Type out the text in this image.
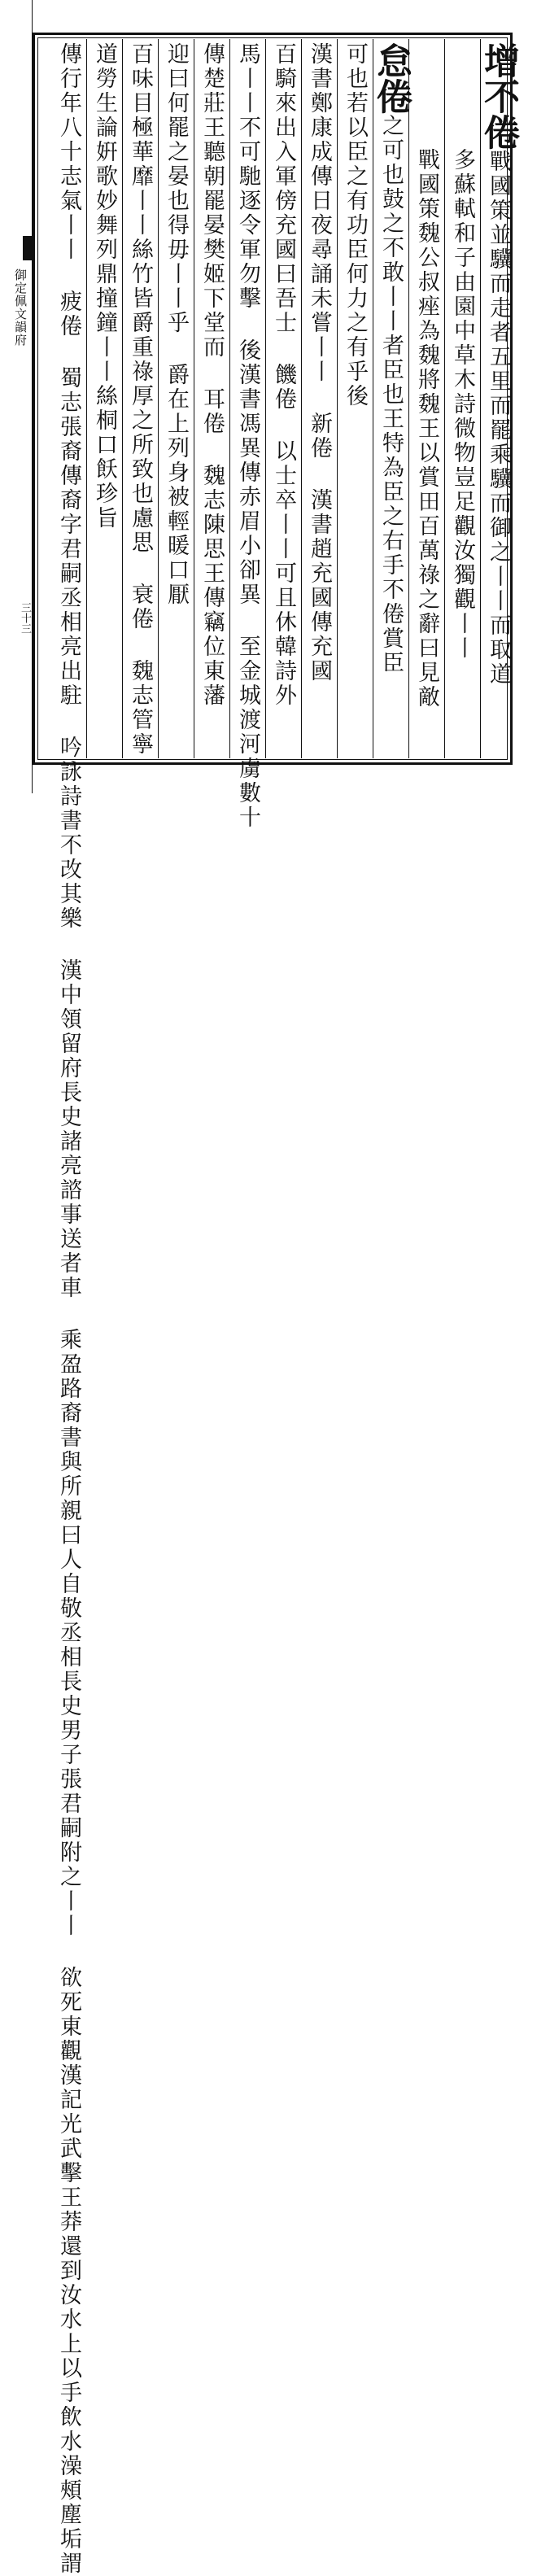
御定佩文韻府
三十三
增不倦戰國策並驥而走者五里而罷乘驥而御之丨丨而取道
多蘇軾和子由園中草木詩微物豈足觀汝獨觀丨丨
戰國策魏公叔痤為魏將魏王以賞田百萬祿之辭曰見敵
怠倦之可也鼓之不敢丨丨者臣也王特為臣之右手不倦賞臣
可也若以臣之有功臣何力之有乎後
漢書鄭康成傳日夜尋誦未嘗丨丨 新倦 漢書趙充國傳充國
百騎來出入軍傍充國曰吾士 饑倦 以士卒丨丨可且休韓詩外
馬丨丨不可馳逐令軍勿擊 後漢書馮異傳赤眉小卻異 至金城渡河虜數十
傳楚莊王聽朝罷晏樊姬下堂而 耳倦 魏志陳思王傳竊位東藩
迎曰何罷之晏也得毋丨丨乎 爵在上列身被輕暖口厭
百味目極華靡丨丨絲竹皆爵重祿厚之所致也慮思 衰倦 魏志管寧
道勞生論姸歌妙舞列鼎撞鐘丨丨絲桐口飫珍旨
傳行年八十志氣丨丨 疲倦 蜀志張裔傳裔字君嗣丞相亮出駐 吟詠詩書不改其樂 漢中領留府長史諸亮諮事送者車 乘盈路裔書與所親曰人自敬丞相長史男子張君嗣附之丨丨 欲死東觀漢記光武擊王莽還到汝水上以手飲水澡頰塵垢謂
